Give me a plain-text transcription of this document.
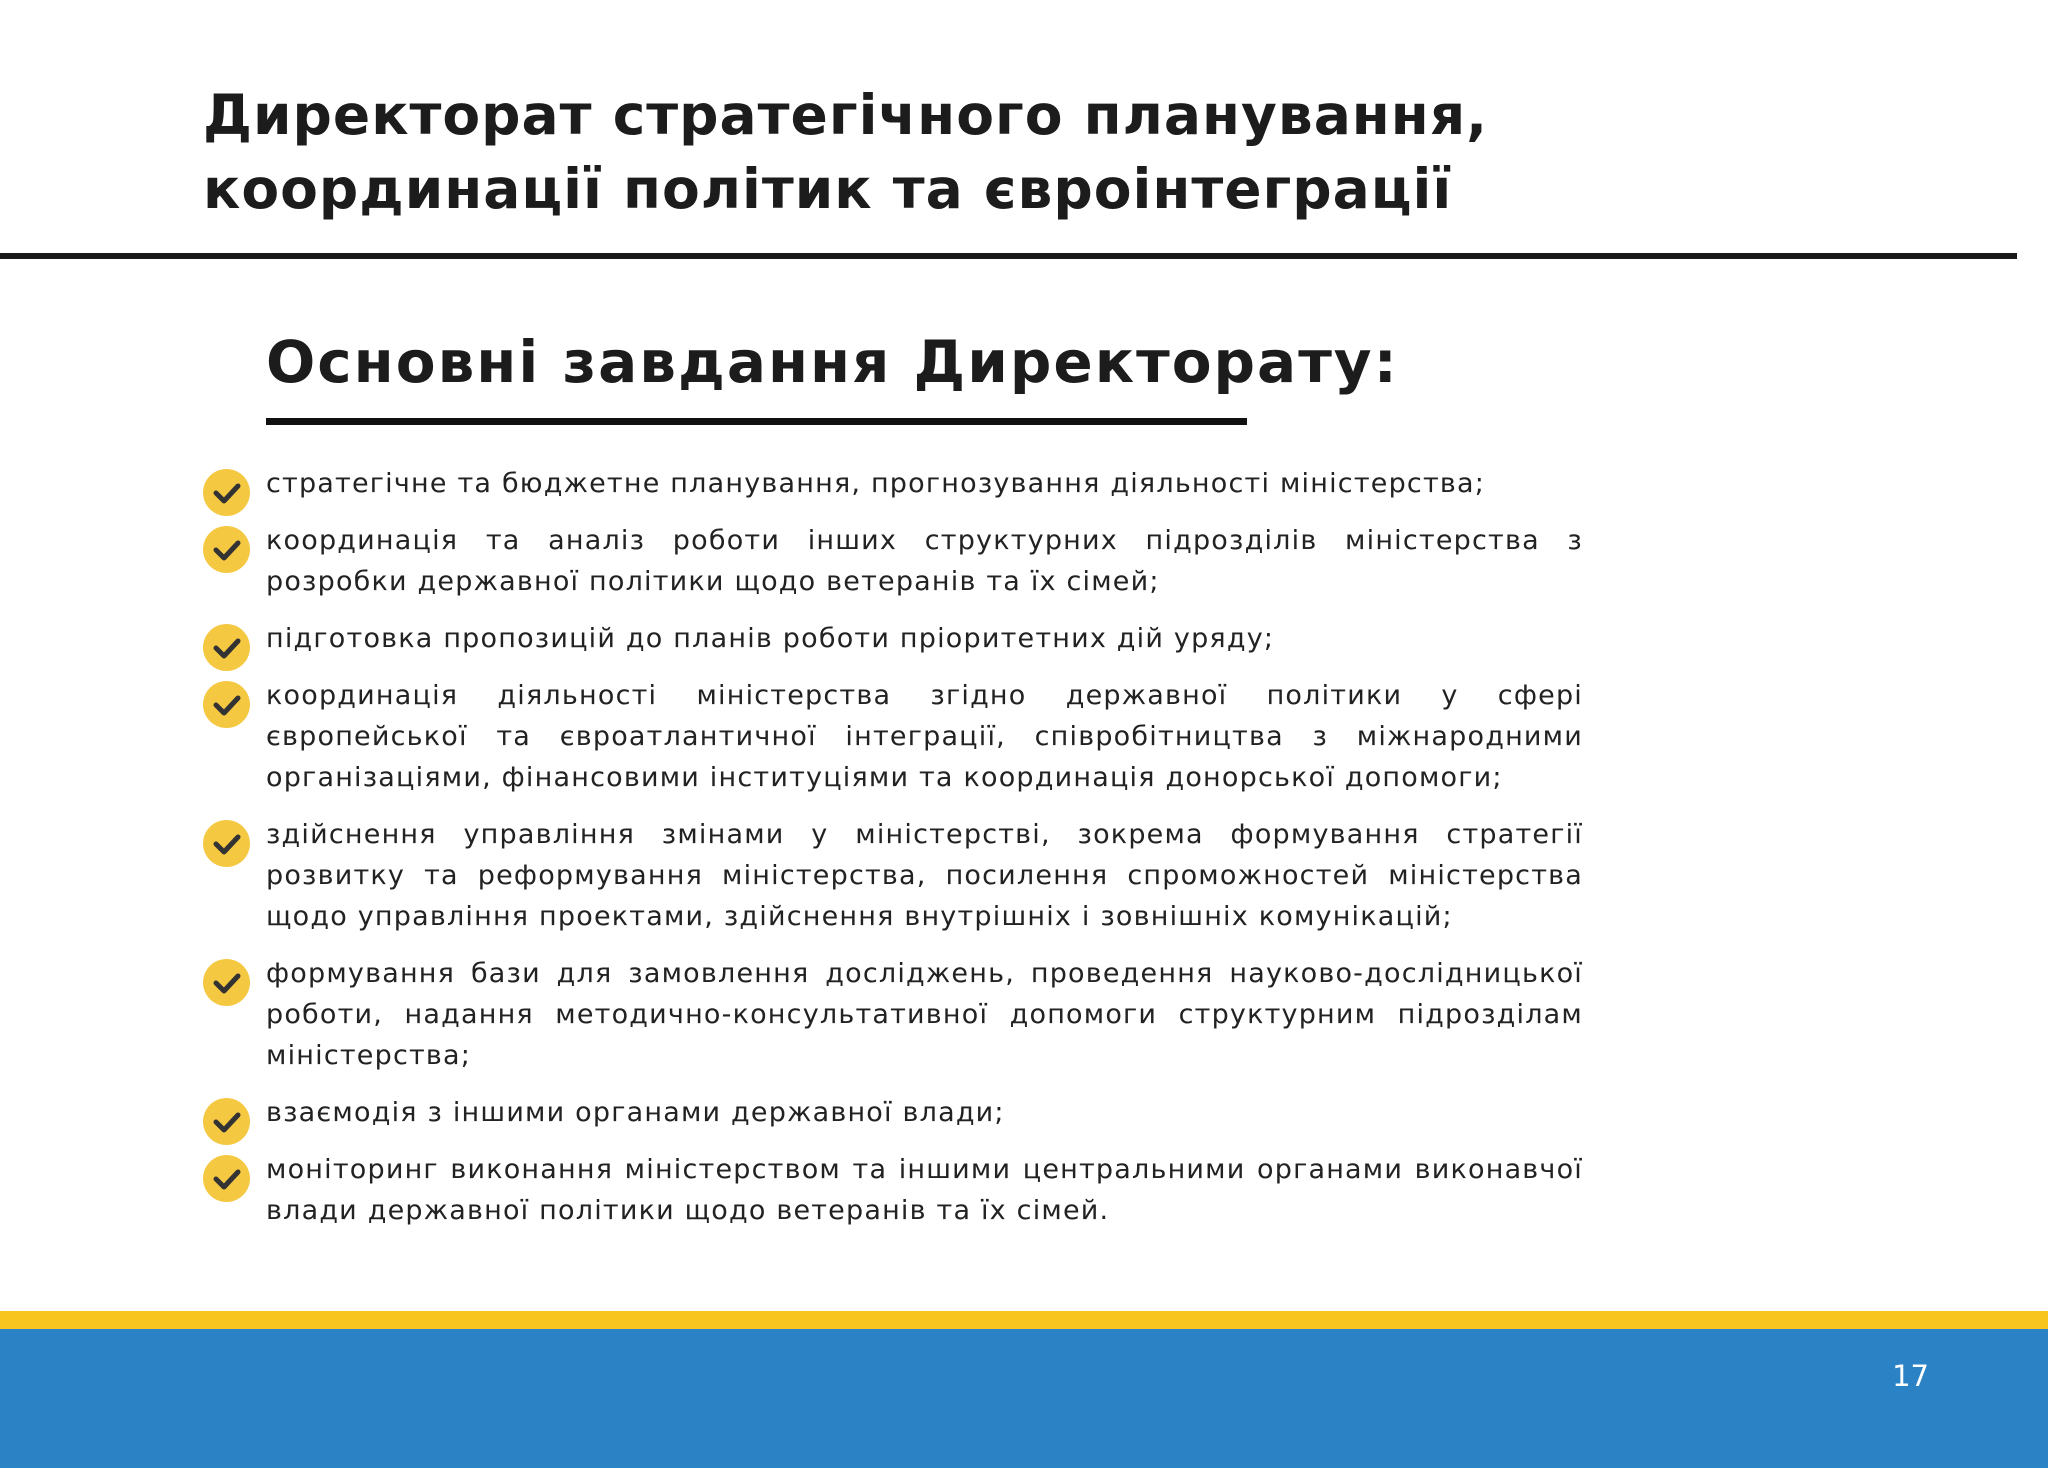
Директорат стратегічного планування,
координації політик та євроінтеграції
Основні завдання Директорату:
стратегічне та бюджетне планування, прогнозування діяльності міністерства;
координація та аналіз роботи інших структурних підрозділів міністерства з розробки державної політики щодо ветеранів та їх сімей;
підготовка пропозицій до планів роботи пріоритетних дій уряду;
координація діяльності міністерства згідно державної політики у сфері європейської та євроатлантичної інтеграції, співробітництва з міжнародними організаціями, фінансовими інституціями та координація донорської допомоги;
здійснення управління змінами у міністерстві, зокрема формування стратегії розвитку та реформування міністерства, посилення спроможностей міністерства щодо управління проектами, здійснення внутрішніх і зовнішніх комунікацій;
формування бази для замовлення досліджень, проведення науково-дослідницької роботи, надання методично-консультативної допомоги структурним підрозділам міністерства;
взаємодія з іншими органами державної влади;
моніторинг виконання міністерством та іншими центральними органами виконавчої влади державної політики щодо ветеранів та їх сімей.
17
